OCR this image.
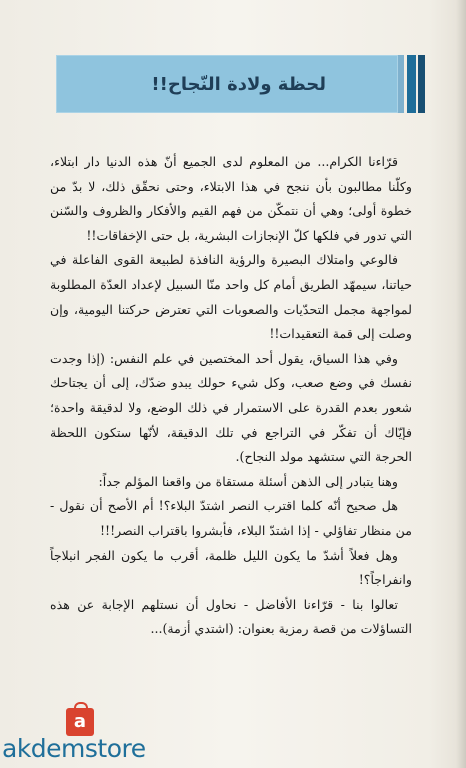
لحظة ولادة النّجاح!!

قرّاءنا الكرام... من المعلوم لدى الجميع أنّ هذه الدنيا دار ابتلاء، وكلّنا مطالبون بأن ننجح في هذا الابتلاء، وحتى نحقّق ذلك، لا بدّ من خطوة أولى؛ وهي أن نتمكّن من فهم القيم والأفكار والظروف والسّنن التي تدور في فلكها كلّ الإنجازات البشرية، بل حتى الإخفاقات!!

فالوعي وامتلاك البصيرة والرؤية النافذة لطبيعة القوى الفاعلة في حياتنا، سيمهّد الطريق أمام كل واحد منّا السبيل لإعداد العدّة المطلوبة لمواجهة مجمل التحدّيات والصعوبات التي تعترض حركتنا اليومية، وإن وصلت إلى قمة التعقيدات!!

وفي هذا السياق، يقول أحد المختصين في علم النفس: (إذا وجدت نفسك في وضع صعب، وكل شيء حولك يبدو ضدّك، إلى أن يجتاحك شعور بعدم القدرة على الاستمرار في ذلك الوضع، ولا لدقيقة واحدة؛ فإيّاك أن تفكّر في التراجع في تلك الدقيقة، لأنّها ستكون اللحظة الحرجة التي ستشهد مولد النجاح).

وهنا يتبادر إلى الذهن أسئلة مستقاة من واقعنا المؤلم جداً:

هل صحيح أنّه كلما اقترب النصر اشتدّ البلاء؟! أم الأصح أن نقول - من منظار تفاؤلي - إذا اشتدّ البلاء، فأبشروا باقتراب النصر!!!

وهل فعلاً أشدّ ما يكون الليل ظلمة، أقرب ما يكون الفجر انبلاجاً وانفراجاً؟!

تعالوا بنا - قرّاءنا الأفاضل - نحاول أن نستلهم الإجابة عن هذه التساؤلات من قصة رمزية بعنوان: (اشتدي أزمة)...

a
akdemstore
